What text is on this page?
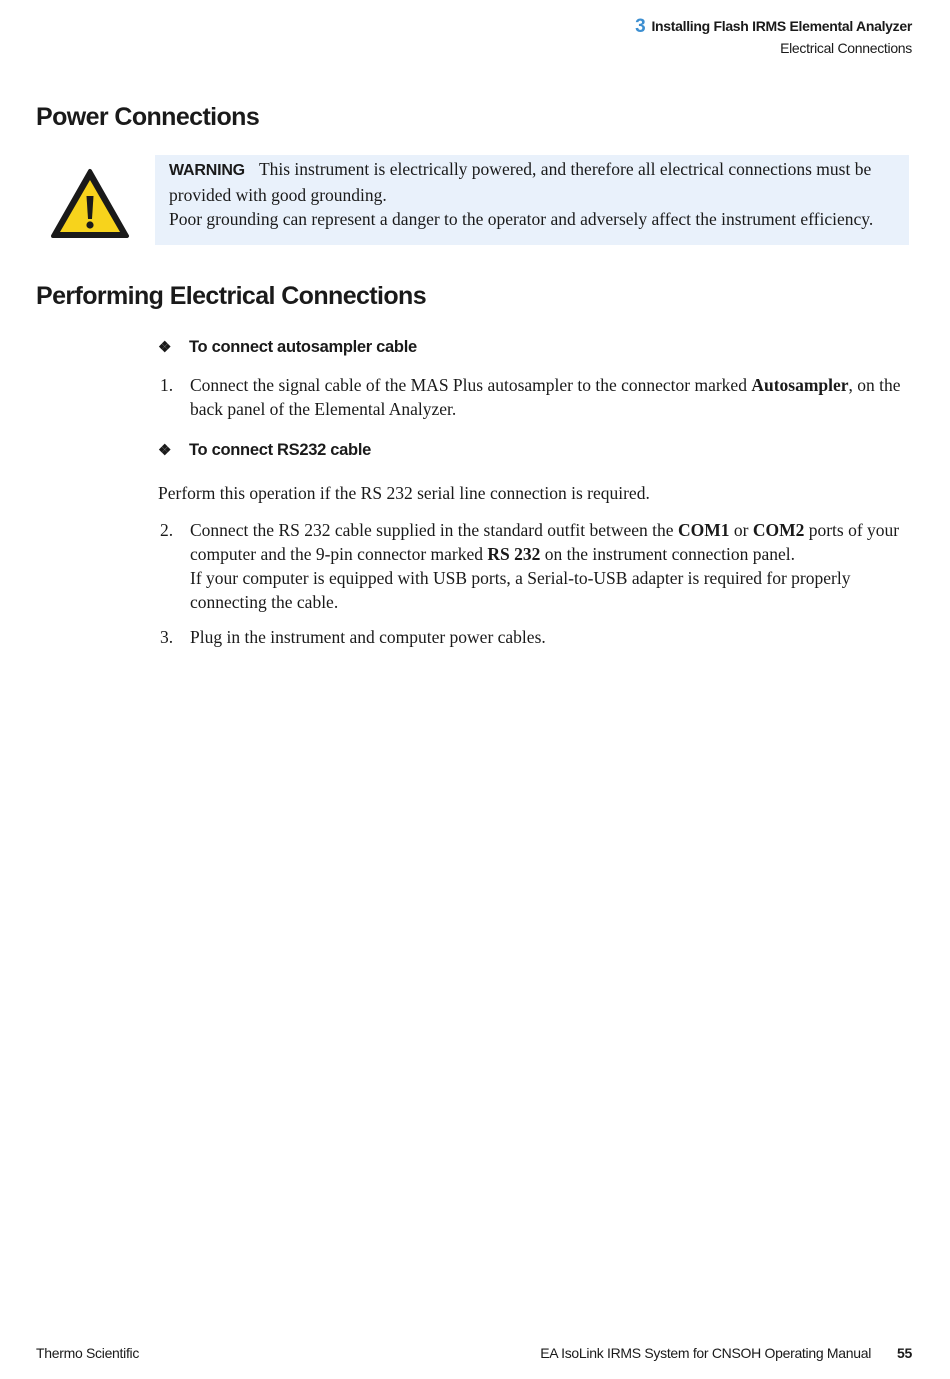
3 Installing Flash IRMS Elemental Analyzer
Electrical Connections
Power Connections
WARNING This instrument is electrically powered, and therefore all electrical connections must be provided with good grounding.
Poor grounding can represent a danger to the operator and adversely affect the instrument efficiency.
Performing Electrical Connections
❖ To connect autosampler cable
1. Connect the signal cable of the MAS Plus autosampler to the connector marked Autosampler, on the back panel of the Elemental Analyzer.
❖ To connect RS232 cable
Perform this operation if the RS 232 serial line connection is required.
2. Connect the RS 232 cable supplied in the standard outfit between the COM1 or COM2 ports of your computer and the 9-pin connector marked RS 232 on the instrument connection panel.
If your computer is equipped with USB ports, a Serial-to-USB adapter is required for properly connecting the cable.
3. Plug in the instrument and computer power cables.
Thermo Scientific	EA IsoLink IRMS System for CNSOH Operating Manual 55
